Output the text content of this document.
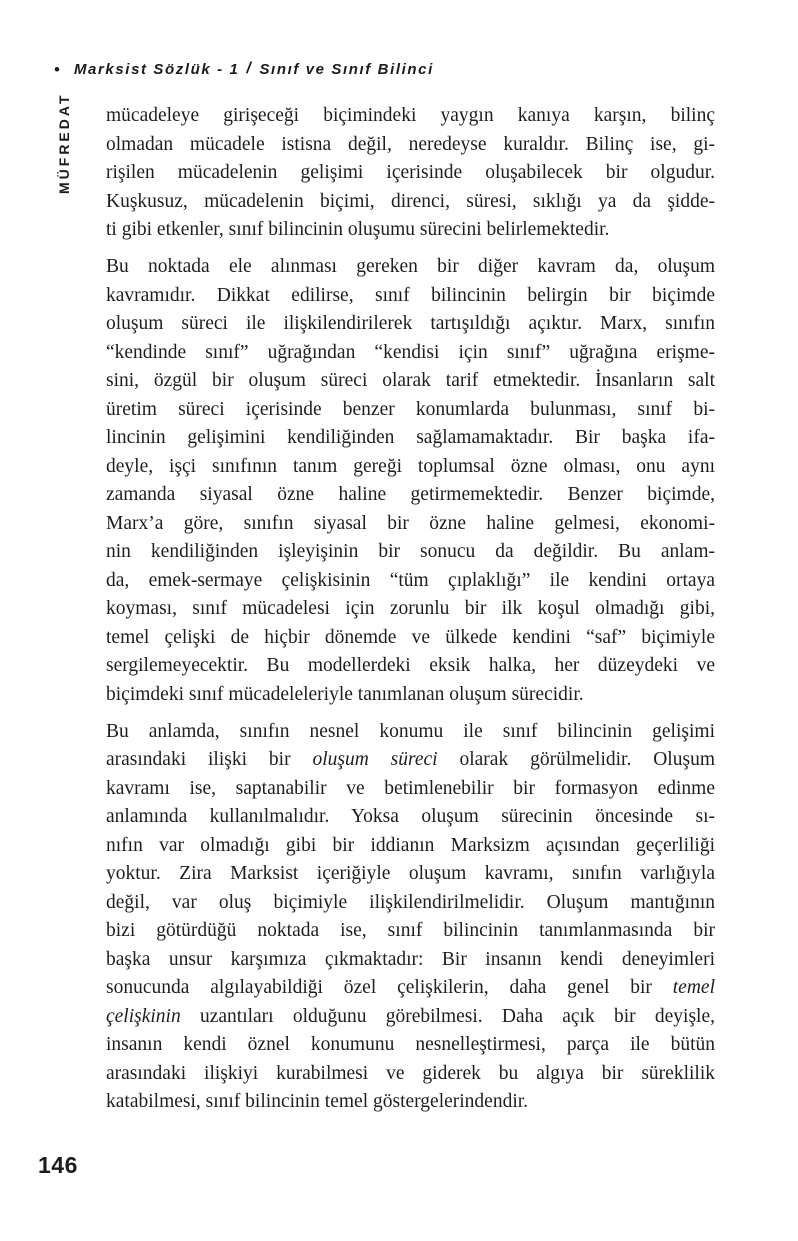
• Marksist Sözlük - 1 / Sınıf ve Sınıf Bilinci
MÜFREDAT mücadeleye girişeceği biçimindeki yaygın kanıya karşın, bilinç
olmadan mücadele istisna değil, neredeyse kuraldır. Bilinç ise, gi-
rişilen mücadelenin gelişimi içerisinde oluşabilecek bir olgudur.
Kuşkusuz, mücadelenin biçimi, direnci, süresi, sıklığı ya da şidde-
ti gibi etkenler, sınıf bilincinin oluşumu sürecini belirlemektedir.
Bu noktada ele alınması gereken bir diğer kavram da, oluşum
kavramıdır. Dikkat edilirse, sınıf bilincinin belirgin bir biçimde
oluşum süreci ile ilişkilendirilerek tartışıldığı açıktır. Marx, sınıfın
“kendinde sınıf” uğrağından “kendisi için sınıf” uğrağına erişme-
sini, özgül bir oluşum süreci olarak tarif etmektedir. İnsanların salt
üretim süreci içerisinde benzer konumlarda bulunması, sınıf bi-
lincinin gelişimini kendiliğinden sağlamamaktadır. Bir başka ifa-
deyle, işçi sınıfının tanım gereği toplumsal özne olması, onu aynı
zamanda siyasal özne haline getirmemektedir. Benzer biçimde,
Marx’a göre, sınıfın siyasal bir özne haline gelmesi, ekonomi-
nin kendiliğinden işleyişinin bir sonucu da değildir. Bu anlam-
da, emek-sermaye çelişkisinin “tüm çıplaklığı” ile kendini ortaya
koyması, sınıf mücadelesi için zorunlu bir ilk koşul olmadığı gibi,
temel çelişki de hiçbir dönemde ve ülkede kendini “saf” biçimiyle
sergilemeyecektir. Bu modellerdeki eksik halka, her düzeydeki ve
biçimdeki sınıf mücadeleleriyle tanımlanan oluşum sürecidir.
Bu anlamda, sınıfın nesnel konumu ile sınıf bilincinin gelişimi
arasındaki ilişki bir oluşum süreci olarak görülmelidir. Oluşum
kavramı ise, saptanabilir ve betimlenebilir bir formasyon edinme
anlamında kullanılmalıdır. Yoksa oluşum sürecinin öncesinde sı-
nıfın var olmadığı gibi bir iddianın Marksizm açısından geçerliliği
yoktur. Zira Marksist içeriğiyle oluşum kavramı, sınıfın varlığıyla
değil, var oluş biçimiyle ilişkilendirilmelidir. Oluşum mantığının
bizi götürdüğü noktada ise, sınıf bilincinin tanımlanmasında bir
başka unsur karşımıza çıkmaktadır: Bir insanın kendi deneyimleri
sonucunda algılayabildiği özel çelişkilerin, daha genel bir temel
çelişkinin uzantıları olduğunu görebilmesi. Daha açık bir deyişle,
insanın kendi öznel konumunu nesnelleştirmesi, parça ile bütün
arasındaki ilişkiyi kurabilmesi ve giderek bu algıya bir süreklilik
katabilmesi, sınıf bilincinin temel göstergelerindendir.
146
